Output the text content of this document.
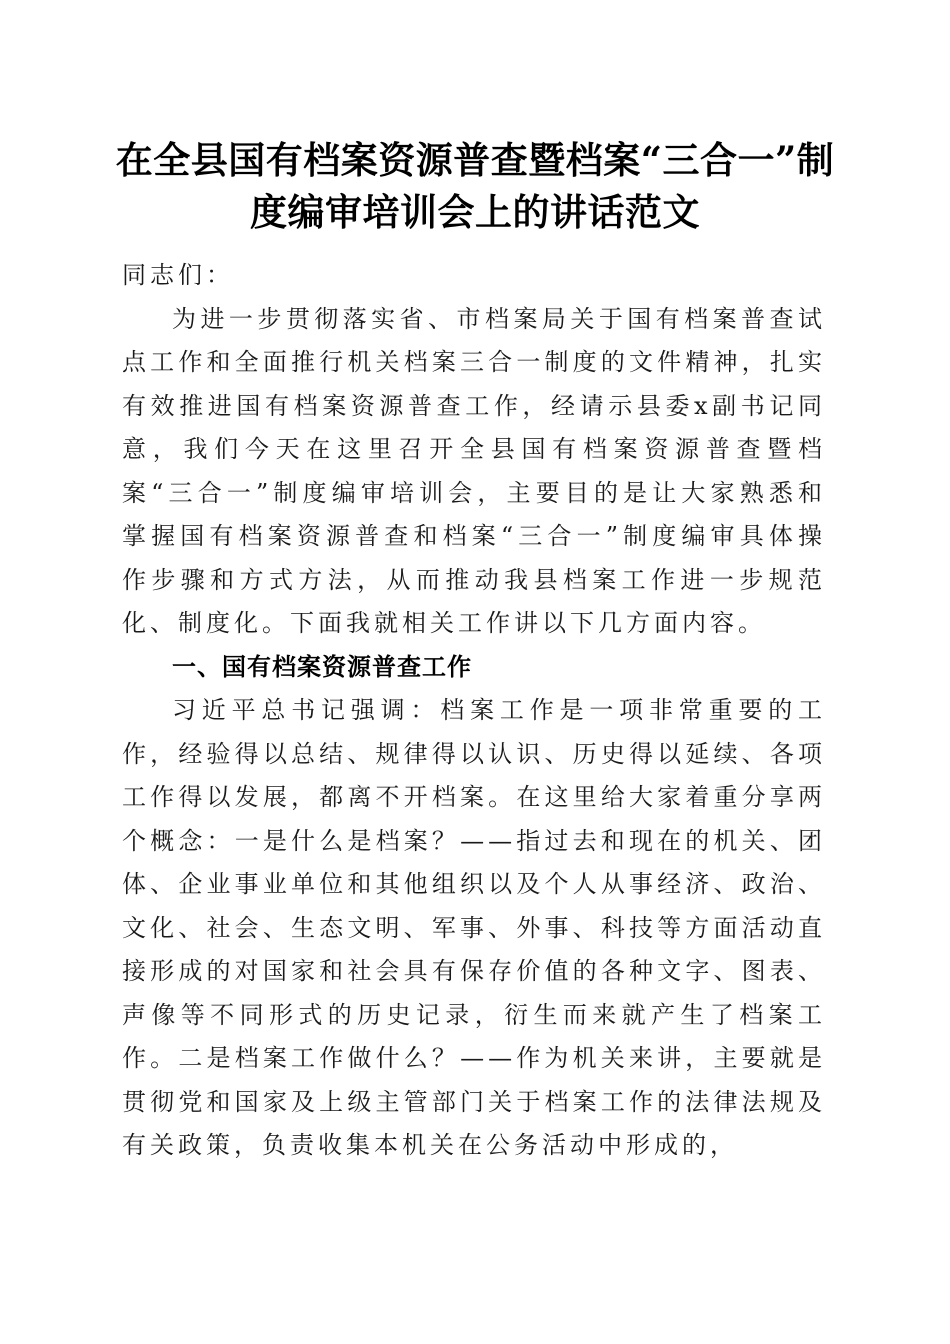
在全县国有档案资源普查暨档案“三合一”制度编审培训会上的讲话范文

同志们：

为进一步贯彻落实省、市档案局关于国有档案普查试点工作和全面推行机关档案三合一制度的文件精神，扎实有效推进国有档案资源普查工作，经请示县委x副书记同意，我们今天在这里召开全县国有档案资源普查暨档案“三合一”制度编审培训会，主要目的是让大家熟悉和掌握国有档案资源普查和档案“三合一”制度编审具体操作步骤和方式方法，从而推动我县档案工作进一步规范化、制度化。下面我就相关工作讲以下几方面内容。

一、国有档案资源普查工作

习近平总书记强调：档案工作是一项非常重要的工作，经验得以总结、规律得以认识、历史得以延续、各项工作得以发展，都离不开档案。在这里给大家着重分享两个概念：一是什么是档案？——指过去和现在的机关、团体、企业事业单位和其他组织以及个人从事经济、政治、文化、社会、生态文明、军事、外事、科技等方面活动直接形成的对国家和社会具有保存价值的各种文字、图表、声像等不同形式的历史记录，衍生而来就产生了档案工作。二是档案工作做什么？——作为机关来讲，主要就是贯彻党和国家及上级主管部门关于档案工作的法律法规及有关政策，负责收集本机关在公务活动中形成的，
